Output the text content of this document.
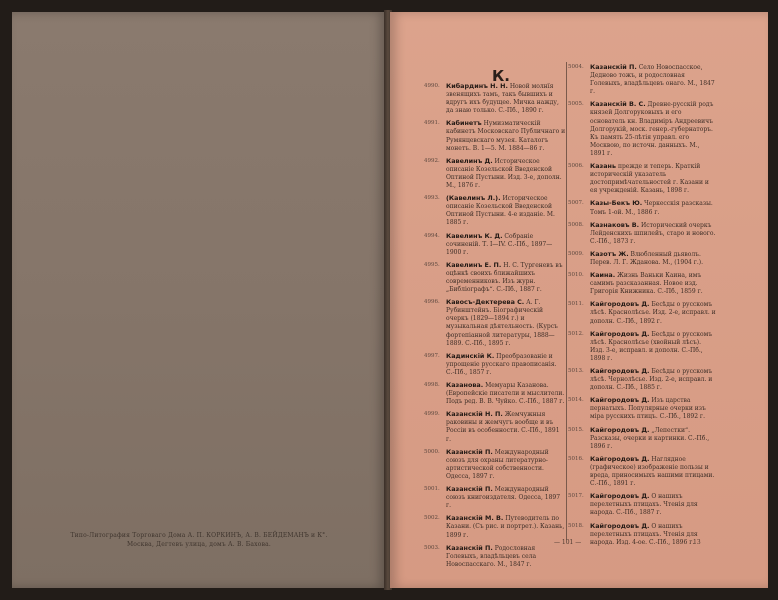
Типо-Литография Торговаго Дома А. П. КОРКИНЪ, А. В. БЕЙДЕМАНЪ и К°.
Москва, Дегтевъ улица, домъ А. В. Бахова.
К.
4990. Кибардинъ Н. Н. Новой молнїя звенящихъ тамъ, такъ бывшихъ и вдругъ ихъ будущее. Мичка нажду, да знаю только. С.-Пб., 1890 г.
4991. Кабинетъ Нумизматическій кабинетъ Московскаго Публичнаго и Румянцевскаго музея. Каталогъ монетъ. В. 1—5. М. 1884—86 г.
4992. Кавелинъ Д. Историческое описаніе Козельской Введенской Оптиной Пустыни. Изд. 3-е, дополн. М., 1876 г.
4993. (Кавелинъ Л.). Историческое описаніе Козельской Введенской Оптиной Пустыни. 4-е изданіе. М. 1885 г.
4994. Кавелинъ К. Д. Собраніе сочиненій. Т. I—IV. С.-Пб., 1897—1900 г.
4995. Кавелинъ Е. П. Н. С. Тургеневъ въ оцѣнкѣ своихъ ближайшихъ современниковъ. Изъ журн. „Библіографъ“. С.-Пб., 1887 г.
4996. Кавосъ-Дектерева С. А. Г. Рубинштейнъ. Біографическій очеркъ (1829—1894 г.) и музыкальная дѣятельность. (Курсъ фортепіанной литературы, 1888—1889. С.-Пб., 1895 г.
4997. Кадинскій К. Преобразованіе и упрощеніе русскаго правописанія. С.-Пб., 1857 г.
4998. Казанова. Мемуары Казанова. (Европейскіе писатели и мыслители. Подъ ред. В. В. Чуйко. С.-Пб., 1887 г.
4999. Казанскій Н. П. Жемчужныя раковины и жемчугъ вообще и въ Россіи въ особенности. С.-Пб., 1891 г.
5000. Казанскій П. Международный союзъ для охраны литературно-артистической собственности. Одесса, 1897 г.
5001. Казанскій П. Международный союзъ книгоиздателя. Одесса, 1897 г.
5002. Казанскій М. В. Путеводитель по Казани. (Съ рис. и портрет.). Казань, 1899 г.
5003. Казанскій П. Родословная Голевыхъ, владѣльцевъ села Новоспасскаго. М., 1847 г.
5004. Казанскій П. Село Новоспасское, Дедново тожъ, и родословная Голевыхъ, владѣльцевъ онаго. М., 1847 г.
5005. Казанскій В. С. Древне-русскій родъ князей Долгоруковыхъ и его основатель кн. Владиміръ Андреевичъ Долгорукій, моск. генер.-губернаторъ. Къ память 25-лѣтія управл. его Москвою, по источн. данныхъ. М., 1891 г.
5006. Казань прежде и теперь. Краткій историческій указатель достопримѣчательностей г. Казани и ея учрежденій. Казань, 1898 г.
5007. Казы-Бекъ Ю. Черкесскія разсказы. Томъ 1-ой. М., 1886 г.
5008. Казнаковъ В. Исторический очеркъ Лейденскихъ шпилейъ, старо и нового. С.-Пб., 1873 г.
5009. Казотъ Ж. Влюбленный дьяволъ. Перев. Л. Г. Жданова. М., (1904 г.).
5010. Каина. Жизнь Ваньки Каина, имъ самимъ разсказанная. Новое изд. Григорія Книжника. С.-Пб., 1859 г.
5011. Кайгородовъ Д. Бесѣды о русскомъ лѣсѣ. Краснолѣсье. Изд. 2-е, исправл. и дополн. С.-Пб., 1892 г.
5012. Кайгородовъ Д. Бесѣды о русскомъ лѣсѣ. Краснолѣсье (хвойный лѣсъ). Изд. 3-е, исправл. и дополн. С.-Пб., 1898 г.
5013. Кайгородовъ Д. Бесѣды о русскомъ лѣсѣ. Чернолѣсье. Изд. 2-е, исправл. и дополн. С.-Пб., 1885 г.
5014. Кайгородовъ Д. Изъ царства пернатыхъ. Популярные очерки изъ міра русскихъ птицъ. С.-Пб., 1892 г.
5015. Кайгородовъ Д. „Лепестки“. Разсказы, очерки и картинки. С.-Пб., 1896 г.
5016. Кайгородовъ Д. Наглядное (графическое) изображеніе пользы и вреда, приносимыхъ нашими птицами. С.-Пб., 1891 г.
5017. Кайгородовъ Д. О нашихъ перелетныхъ птицахъ. Чтенія для народа. С.-Пб., 1887 г.
5018. Кайгородовъ Д. О нашихъ перелетныхъ птицахъ. Чтенія для народа. Изд. 4-ое. С.-Пб., 1896 г.
— 101 —	13
